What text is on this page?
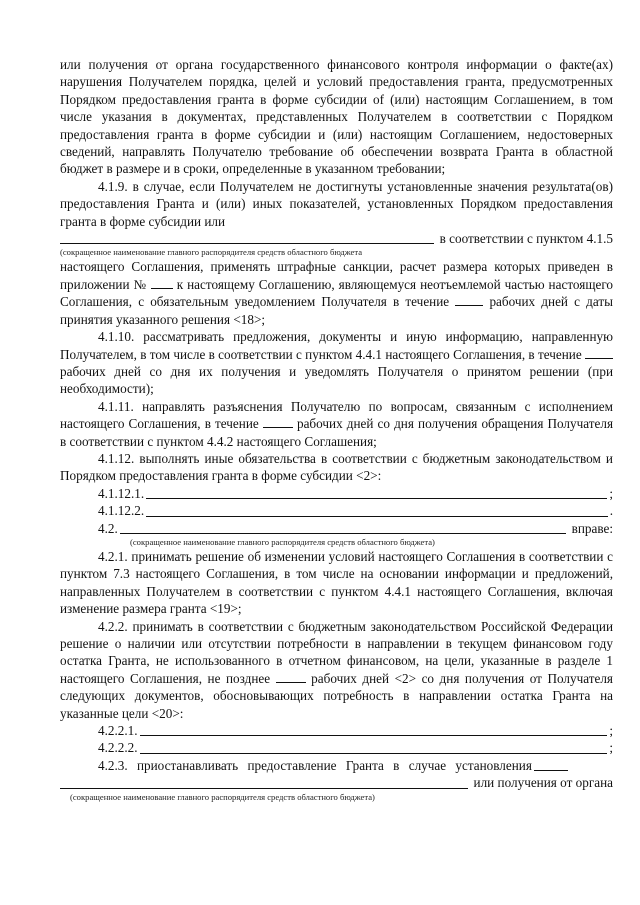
или получения от органа государственного финансового контроля информации о факте(ах) нарушения Получателем порядка, целей и условий предоставления гранта, предусмотренных Порядком предоставления гранта в форме субсидии of (или) настоящим Соглашением, в том числе указания в документах, представленных Получателем в соответствии с Порядком предоставления гранта в форме субсидии и (или) настоящим Соглашением, недостоверных сведений, направлять Получателю требование об обеспечении возврата Гранта в областной бюджет в размере и в сроки, определенные в указанном требовании;

4.1.9. в случае, если Получателем не достигнуты установленные значения результата(ов) предоставления Гранта и (или) иных показателей, установленных Порядком предоставления гранта в форме субсидии или

в соответствии с пунктом 4.1.5

(сокращенное наименование главного распорядителя средств областного бюджета

настоящего Соглашения, применять штрафные санкции, расчет размера которых приведен в приложении № к настоящему Соглашению, являющемуся неотъемлемой частью настоящего Соглашения, с обязательным уведомлением Получателя в течение	рабочих дней с даты принятия указанного решения <18>;

4.1.10. рассматривать предложения, документы и иную информацию, направленную Получателем, в том числе в соответствии с пунктом 4.4.1 настоящего Соглашения, в течение  рабочих дней со дня их получения и уведомлять Получателя о принятом решении (при необходимости);

4.1.11. направлять разъяснения Получателю по вопросам, связанным с исполнением настоящего Соглашения, в течение	рабочих дней со дня получения обращения Получателя в соответствии с пунктом 4.4.2 настоящего Соглашения;

4.1.12. выполнять иные обязательства в соответствии с бюджетным законодательством и Порядком предоставления гранта в форме субсидии <2>:

4.1.12.1.	;
4.1.12.2.	.
4.2.	вправе:

(сокращенное наименование главного распорядителя средств областного бюджета)

4.2.1. принимать решение об изменении условий настоящего Соглашения в соответствии с пунктом 7.3 настоящего Соглашения, в том числе на основании информации и предложений, направленных Получателем в соответствии с пунктом 4.4.1 настоящего Соглашения, включая изменение размера гранта <19>;

4.2.2. принимать в соответствии с бюджетным законодательством Российской Федерации решение о наличии или отсутствии потребности в направлении в текущем финансовом году остатка Гранта, не использованного в отчетном финансовом, на цели, указанные в разделе 1 настоящего Соглашения, не позднее	рабочих дней <2> со дня получения от Получателя следующих документов, обосновывающих потребность в направлении остатка Гранта на указанные цели <20>:

4.2.2.1.	;
4.2.2.2.	;
4.2.3. приостанавливать предоставление Гранта в случае установления
или получения от органа

(сокращенное наименование главного распорядителя средств областного бюджета)
